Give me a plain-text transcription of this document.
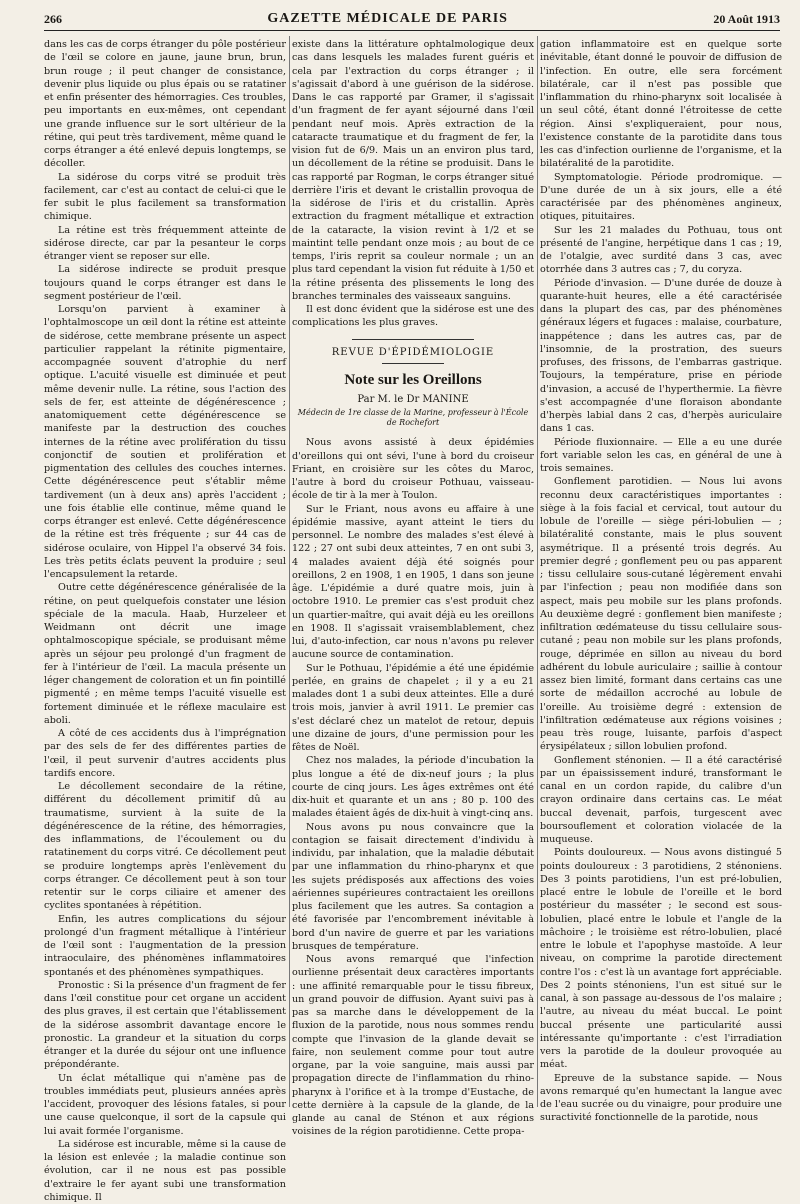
266	GAZETTE MÉDICALE DE PARIS	20 Août 1913

dans les cas de corps étranger du pôle postérieur de l'œil se colore en jaune, jaune brun, brun, brun rouge ; il peut changer de consistance, devenir plus liquide ou plus épais ou se ratatiner et enfin présenter des hémorragies. Ces troubles, peu importants en eux-mêmes, ont cependant une grande influence sur le sort ultérieur de la rétine, qui peut très tardivement, même quand le corps étranger a été enlevé depuis longtemps, se décoller.

La sidérose du corps vitré se produit très facilement, car c'est au contact de celui-ci que le fer subit le plus facilement sa transformation chimique.

La rétine est très fréquemment atteinte de sidérose directe, car par la pesanteur le corps étranger vient se reposer sur elle.

La sidérose indirecte se produit presque toujours quand le corps étranger est dans le segment postérieur de l'œil.

Lorsqu'on parvient à examiner à l'ophtalmoscope un œil dont la rétine est atteinte de sidérose, cette membrane présente un aspect particulier rappelant la rétinite pigmentaire, accompagnée souvent d'atrophie du nerf optique. L'acuité visuelle est diminuée et peut même devenir nulle. La rétine, sous l'action des sels de fer, est atteinte de dégénérescence ; anatomiquement cette dégénérescence se manifeste par la destruction des couches internes de la rétine avec prolifération du tissu conjonctif de soutien et prolifération et pigmentation des cellules des couches internes. Cette dégénérescence peut s'établir même tardivement (un à deux ans) après l'accident ; une fois établie elle continue, même quand le corps étranger est enlevé. Cette dégénérescence de la rétine est très fréquente ; sur 44 cas de sidérose oculaire, von Hippel l'a observé 34 fois. Les très petits éclats peuvent la produire ; seul l'encapsulement la retarde.

Outre cette dégénérescence généralisée de la rétine, on peut quelquefois constater une lésion spéciale de la macula. Haab, Hurzeleer et Weidmann ont décrit une image ophtalmoscopique spéciale, se produisant même après un séjour peu prolongé d'un fragment de fer à l'intérieur de l'œil. La macula présente un léger changement de coloration et un fin pointillé pigmenté ; en même temps l'acuité visuelle est fortement diminuée et le réflexe maculaire est aboli.

A côté de ces accidents dus à l'imprégnation par des sels de fer des différentes parties de l'œil, il peut survenir d'autres accidents plus tardifs encore.

Le décollement secondaire de la rétine, différent du décollement primitif dû au traumatisme, survient à la suite de la dégénérescence de la rétine, des hémorragies, des inflammations, de l'écoulement ou du ratatinement du corps vitré. Ce décollement peut se produire longtemps après l'enlèvement du corps étranger. Ce décollement peut à son tour retentir sur le corps ciliaire et amener des cyclites spontanées à répétition.

Enfin, les autres complications du séjour prolongé d'un fragment métallique à l'intérieur de l'œil sont : l'augmentation de la pression intraoculaire, des phénomènes inflammatoires spontanés et des phénomènes sympathiques.

Pronostic : Si la présence d'un fragment de fer dans l'œil constitue pour cet organe un accident des plus graves, il est certain que l'établissement de la sidérose assombrit davantage encore le pronostic. La grandeur et la situation du corps étranger et la durée du séjour ont une influence prépondérante.

Un éclat métallique qui n'amène pas de troubles immédiats peut, plusieurs années après l'accident, provoquer des lésions fatales, si pour une cause quelconque, il sort de la capsule qui lui avait formée l'organisme.

La sidérose est incurable, même si la cause de la lésion est enlevée ; la maladie continue son évolution, car il ne nous est pas possible d'extraire le fer ayant subi une transformation chimique. Il

existe dans la littérature ophtalmologique deux cas dans lesquels les malades furent guéris et cela par l'extraction du corps étranger ; il s'agissait d'abord à une guérison de la sidérose. Dans le cas rapporté par Gramer, il s'agissait d'un fragment de fer ayant séjourné dans l'œil pendant neuf mois. Après extraction de la cataracte traumatique et du fragment de fer, la vision fut de 6/9. Mais un an environ plus tard, un décollement de la rétine se produisit. Dans le cas rapporté par Rogman, le corps étranger situé derrière l'iris et devant le cristallin provoqua de la sidérose de l'iris et du cristallin. Après extraction du fragment métallique et extraction de la cataracte, la vision revint à 1/2 et se maintint telle pendant onze mois ; au bout de ce temps, l'iris reprit sa couleur normale ; un an plus tard cependant la vision fut réduite à 1/50 et la rétine présenta des plissements le long des branches terminales des vaisseaux sanguins.

Il est donc évident que la sidérose est une des complications les plus graves.

REVUE D'ÉPIDÉMIOLOGIE
Note sur les Oreillons
Par M. le Dr MANINE
Médecin de 1re classe de la Marine, professeur à l'École de Rochefort

Nous avons assisté à deux épidémies d'oreillons qui ont sévi, l'une à bord du croiseur Friant, en croisière sur les côtes du Maroc, l'autre à bord du croiseur Pothuau, vaisseau-école de tir à la mer à Toulon.

Sur le Friant, nous avons eu affaire à une épidémie massive, ayant atteint le tiers du personnel. Le nombre des malades s'est élevé à 122 ; 27 ont subi deux atteintes, 7 en ont subi 3, 4 malades avaient déjà été soignés pour oreillons, 2 en 1908, 1 en 1905, 1 dans son jeune âge. L'épidémie a duré quatre mois, juin à octobre 1910. Le premier cas s'est produit chez un quartier-maître, qui avait déjà eu les oreillons en 1908. Il s'agissait vraisemblablement, chez lui, d'auto-infection, car nous n'avons pu relever aucune source de contamination.

Sur le Pothuau, l'épidémie a été une épidémie perlée, en grains de chapelet ; il y a eu 21 malades dont 1 a subi deux atteintes. Elle a duré trois mois, janvier à avril 1911. Le premier cas s'est déclaré chez un matelot de retour, depuis une dizaine de jours, d'une permission pour les fêtes de Noël.

Chez nos malades, la période d'incubation la plus longue a été de dix-neuf jours ; la plus courte de cinq jours. Les âges extrêmes ont été dix-huit et quarante et un ans ; 80 p. 100 des malades étaient âgés de dix-huit à vingt-cinq ans.

Nous avons pu nous convaincre que la contagion se faisait directement d'individu à individu, par inhalation, que la maladie débutait par une inflammation du rhino-pharynx et que les sujets prédisposés aux affections des voies aériennes supérieures contractaient les oreillons plus facilement que les autres. Sa contagion a été favorisée par l'encombrement inévitable à bord d'un navire de guerre et par les variations brusques de température.

Nous avons remarqué que l'infection ourlienne présentait deux caractères importants : une affinité remarquable pour le tissu fibreux, un grand pouvoir de diffusion. Ayant suivi pas à pas sa marche dans le développement de la fluxion de la parotide, nous nous sommes rendu compte que l'invasion de la glande devait se faire, non seulement comme pour tout autre organe, par la voie sanguine, mais aussi par propagation directe de l'inflammation du rhino-pharynx à l'orifice et à la trompe d'Eustache, de cette dernière à la capsule de la glande, de la glande au canal de Sténon et aux régions voisines de la région parotidienne. Cette propa-

gation inflammatoire est en quelque sorte inévitable, étant donné le pouvoir de diffusion de l'infection. En outre, elle sera forcément bilatérale, car il n'est pas possible que l'inflammation du rhino-pharynx soit localisée à un seul côté, étant donné l'étroitesse de cette région. Ainsi s'expliqueraient, pour nous, l'existence constante de la parotidite dans tous les cas d'infection ourlienne de l'organisme, et la bilatéralité de la parotidite.

Symptomatologie. Période prodromique. — D'une durée de un à six jours, elle a été caractérisée par des phénomènes angineux, otiques, pituitaires.

Sur les 21 malades du Pothuau, tous ont présenté de l'angine, herpétique dans 1 cas ; 19, de l'otalgie, avec surdité dans 3 cas, avec otorrhée dans 3 autres cas ; 7, du coryza.

Période d'invasion. — D'une durée de douze à quarante-huit heures, elle a été caractérisée dans la plupart des cas, par des phénomènes généraux légers et fugaces : malaise, courbature, inappétence ; dans les autres cas, par de l'insomnie, de la prostration, des sueurs profuses, des frissons, de l'embarras gastrique. Toujours, la température, prise en période d'invasion, a accusé de l'hyperthermie. La fièvre s'est accompagnée d'une floraison abondante d'herpès labial dans 2 cas, d'herpès auriculaire dans 1 cas.

Période fluxionnaire. — Elle a eu une durée fort variable selon les cas, en général de une à trois semaines.

Gonflement parotidien. — Nous lui avons reconnu deux caractéristiques importantes : siège à la fois facial et cervical, tout autour du lobule de l'oreille — siège péri-lobulien — ; bilatéralité constante, mais le plus souvent asymétrique. Il a présenté trois degrés. Au premier degré ; gonflement peu ou pas apparent ; tissu cellulaire sous-cutané légèrement envahi par l'infection ; peau non modifiée dans son aspect, mais peu mobile sur les plans profonds. Au deuxième degré : gonflement bien manifeste ; infiltration œdémateuse du tissu cellulaire sous-cutané ; peau non mobile sur les plans profonds, rouge, déprimée en sillon au niveau du bord adhérent du lobule auriculaire ; saillie à contour assez bien limité, formant dans certains cas une sorte de médaillon accroché au lobule de l'oreille. Au troisième degré : extension de l'infiltration œdémateuse aux régions voisines ; peau très rouge, luisante, parfois d'aspect érysipélateux ; sillon lobulien profond.

Gonflement sténonien. — Il a été caractérisé par un épaississement induré, transformant le canal en un cordon rapide, du calibre d'un crayon ordinaire dans certains cas. Le méat buccal devenait, parfois, turgescent avec boursouflement et coloration violacée de la muqueuse.

Points douloureux. — Nous avons distingué 5 points douloureux : 3 parotidiens, 2 sténoniens. Des 3 points parotidiens, l'un est pré-lobulien, placé entre le lobule de l'oreille et le bord postérieur du masséter ; le second est sous-lobulien, placé entre le lobule et l'angle de la mâchoire ; le troisième est rétro-lobulien, placé entre le lobule et l'apophyse mastoïde. A leur niveau, on comprime la parotide directement contre l'os : c'est là un avantage fort appréciable. Des 2 points sténoniens, l'un est situé sur le canal, à son passage au-dessous de l'os malaire ; l'autre, au niveau du méat buccal. Le point buccal présente une particularité aussi intéressante qu'importante : c'est l'irradiation vers la parotide de la douleur provoquée au méat.

Epreuve de la substance sapide. — Nous avons remarqué qu'en humectant la langue avec de l'eau sucrée ou du vinaigre, pour produire une suractivité fonctionnelle de la parotide, nous
